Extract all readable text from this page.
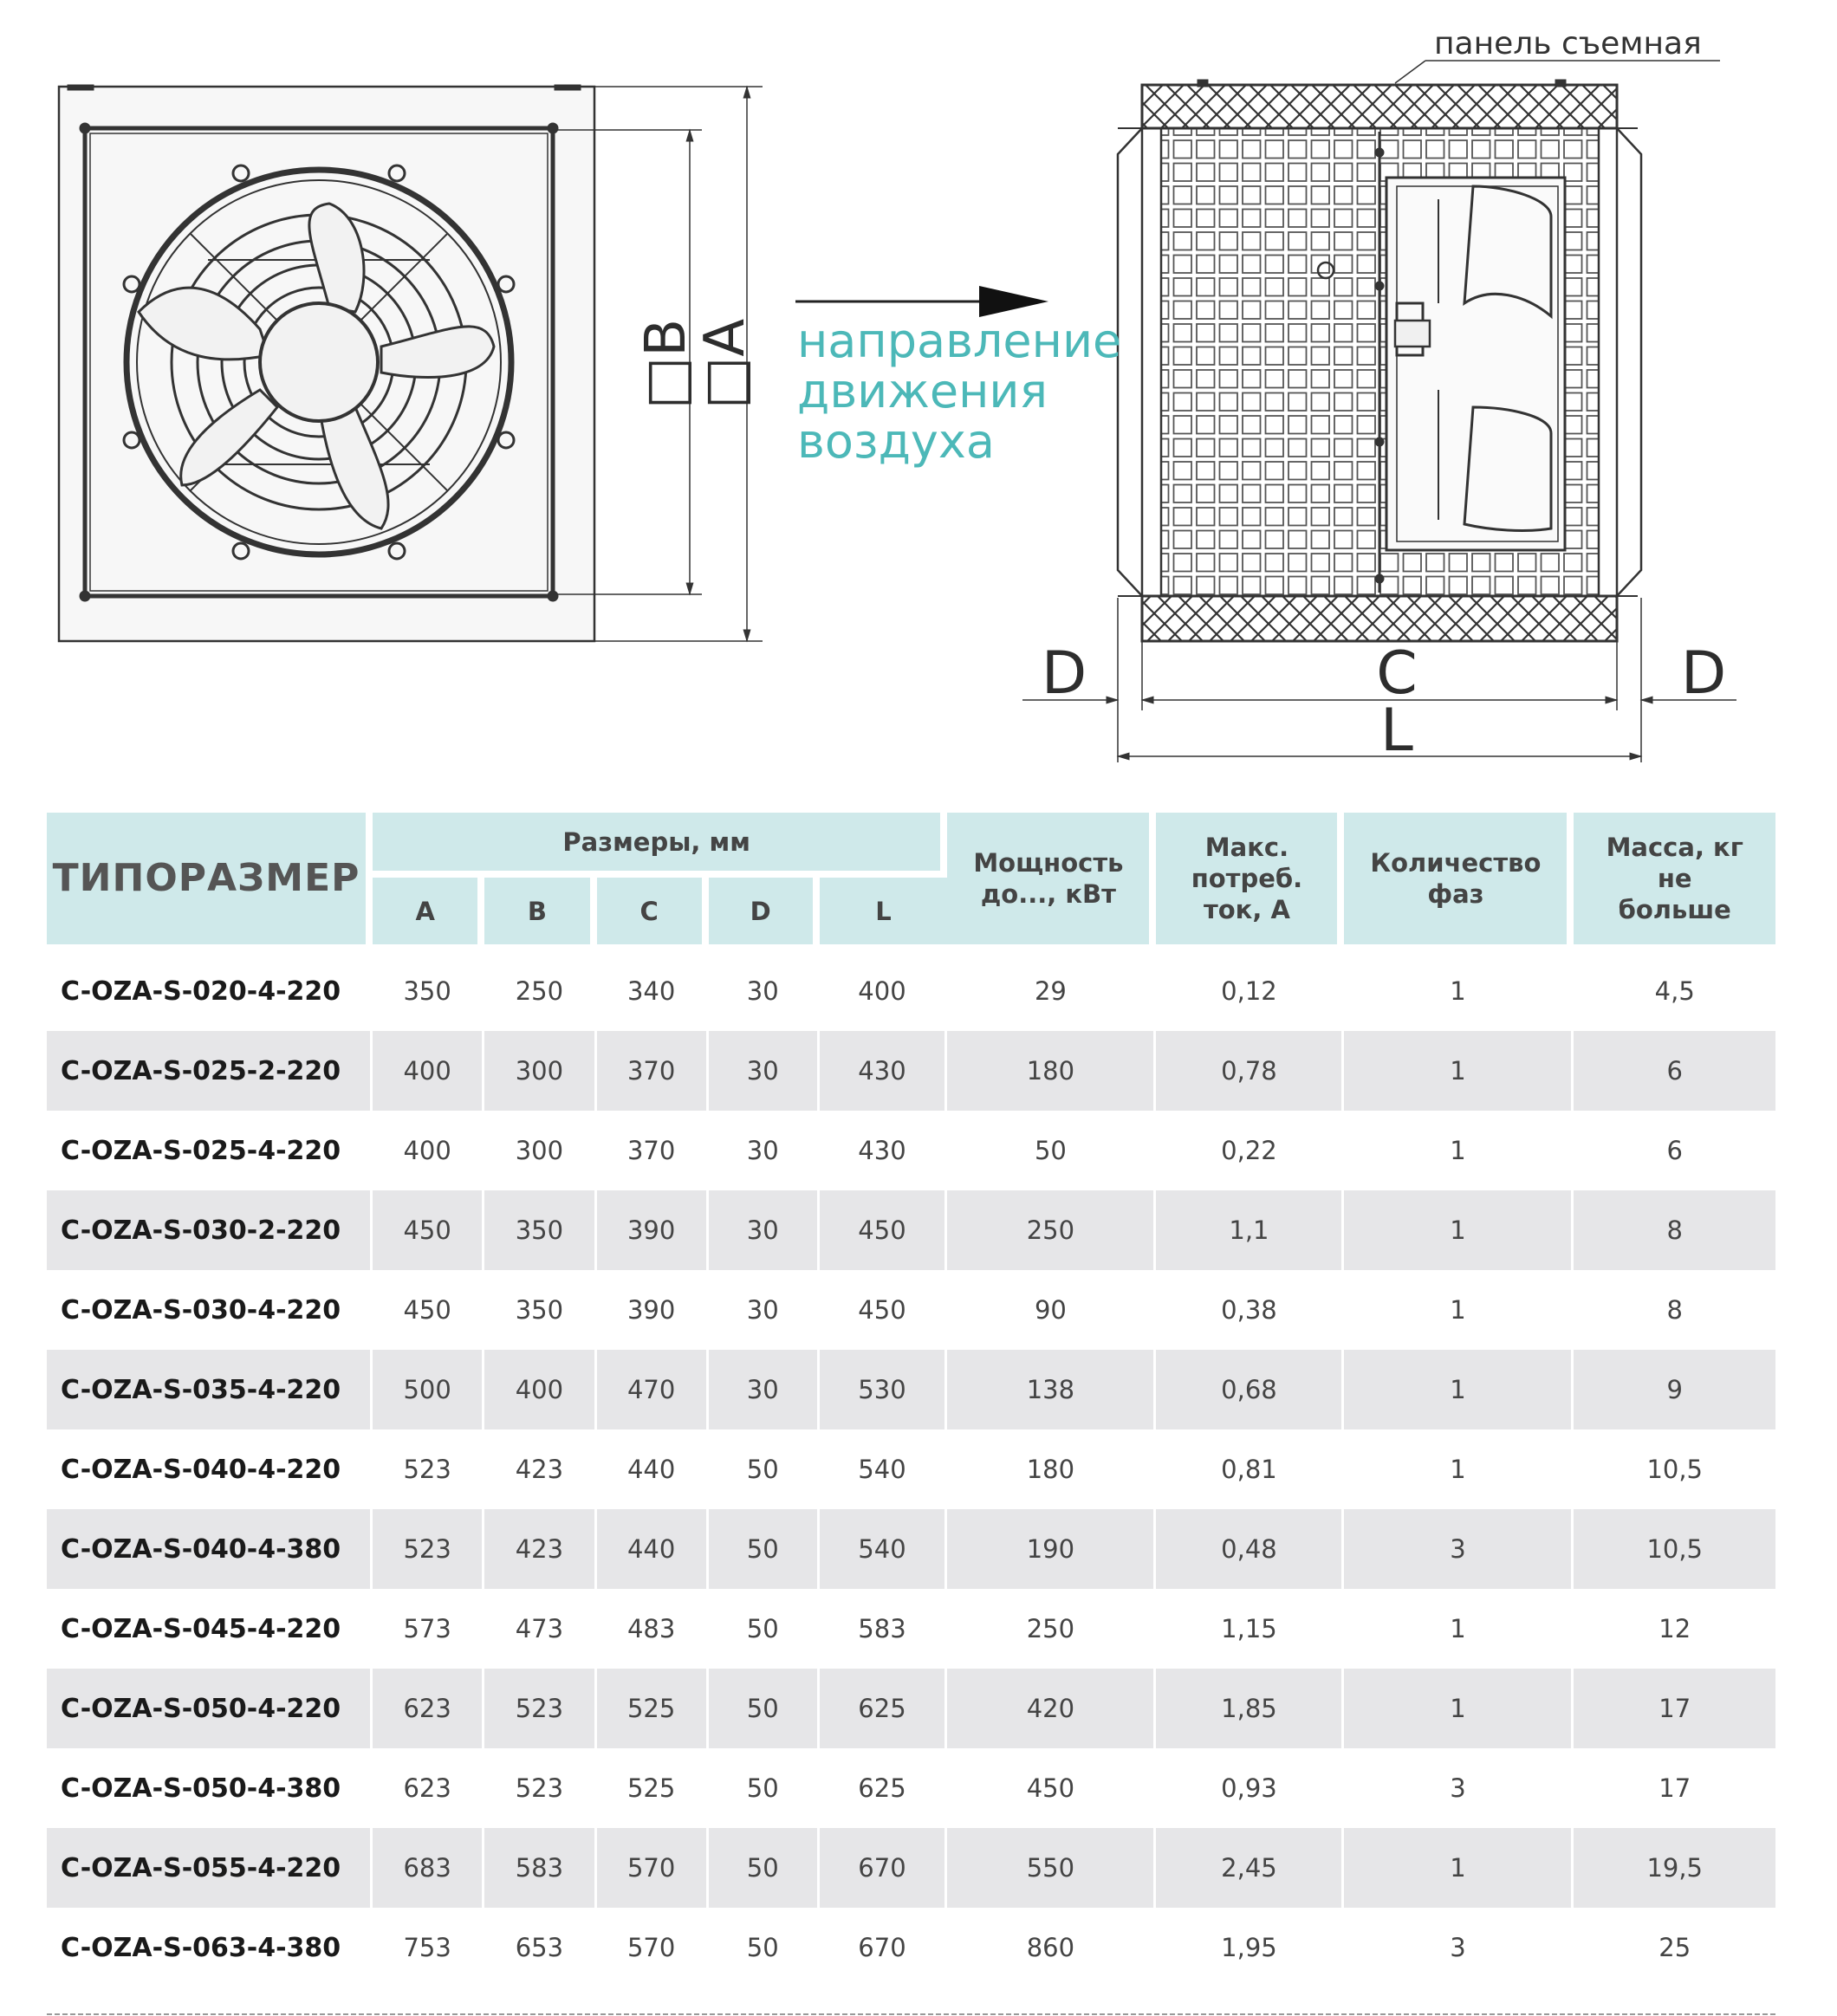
□B
□A
D	C	D
L
панель съемная
направление
движения
воздуха
ТИПОРАЗМЕР	Размеры, мм					Мощность до..., кВт	Макс. потреб. ток, А	Количество фаз	Масса, кг не больше
	A	B	C	D	L				
C-OZA-S-020-4-220	350	250	340	30	400	29	0,12	1	4,5
C-OZA-S-025-2-220	400	300	370	30	430	180	0,78	1	6
C-OZA-S-025-4-220	400	300	370	30	430	50	0,22	1	6
C-OZA-S-030-2-220	450	350	390	30	450	250	1,1	1	8
C-OZA-S-030-4-220	450	350	390	30	450	90	0,38	1	8
C-OZA-S-035-4-220	500	400	470	30	530	138	0,68	1	9
C-OZA-S-040-4-220	523	423	440	50	540	180	0,81	1	10,5
C-OZA-S-040-4-380	523	423	440	50	540	190	0,48	3	10,5
C-OZA-S-045-4-220	573	473	483	50	583	250	1,15	1	12
C-OZA-S-050-4-220	623	523	525	50	625	420	1,85	1	17
C-OZA-S-050-4-380	623	523	525	50	625	450	0,93	3	17
C-OZA-S-055-4-220	683	583	570	50	670	550	2,45	1	19,5
C-OZA-S-063-4-380	753	653	570	50	670	860	1,95	3	25
